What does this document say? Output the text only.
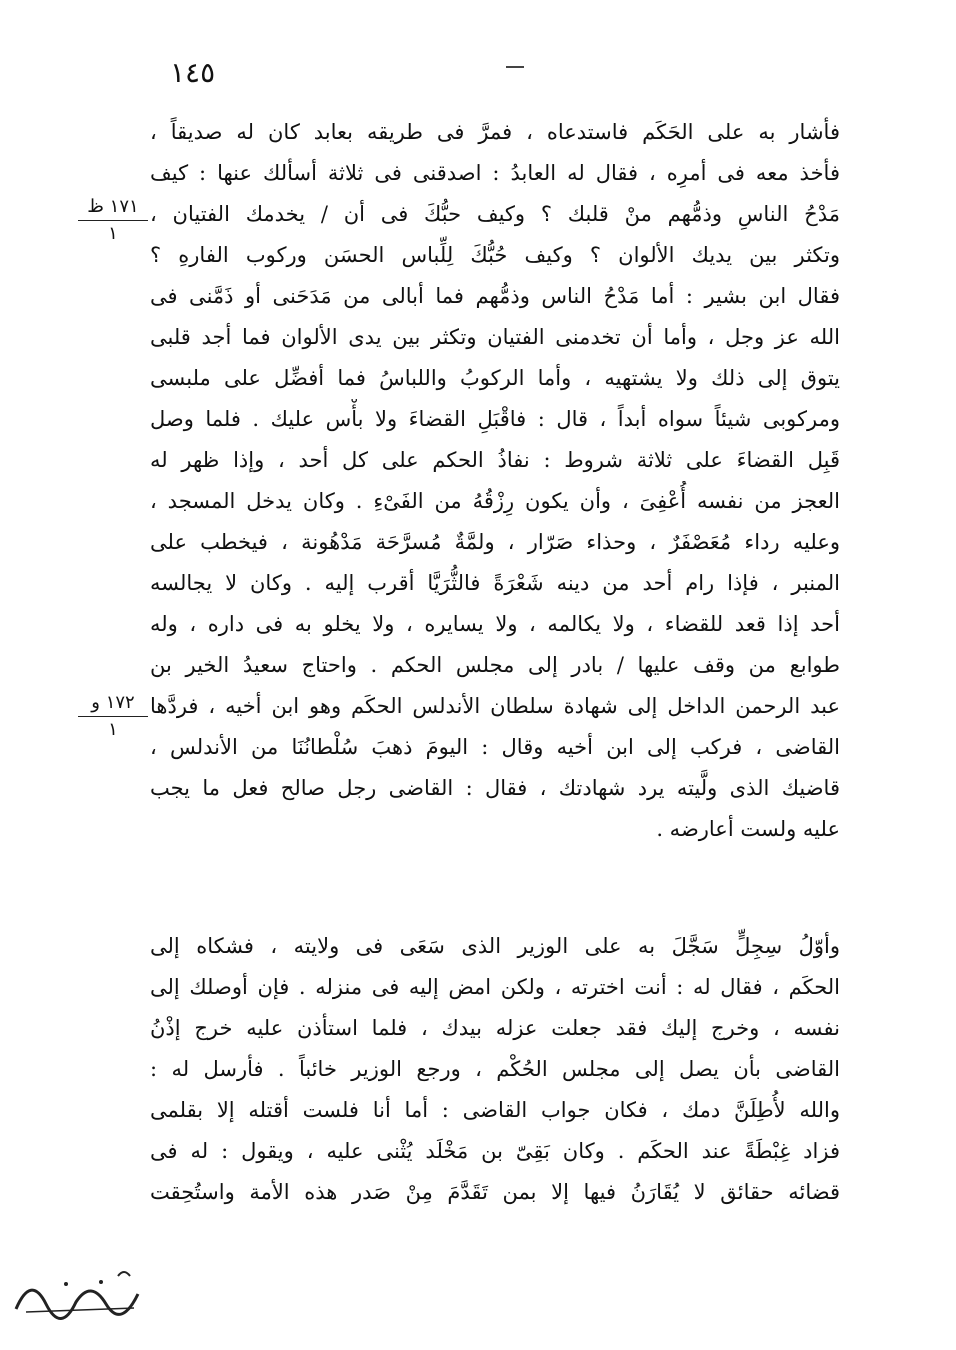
١٤٥
فأشار به على الحَكَم فاستدعاه ، فمرَّ فى طريقه بعابد كان له صديقاً ،
فأخذ معه فى أمرِه ، فقال له العابدُ : اصدقنى فى ثلاثة أسألك عنها : كيف
مَدْحُ الناسِ وذمُّهم منْ قلبك ؟ وكيف حبُّكَ فى أن / يخدمك الفتيان ،
وتكثر بين يديك الألوان ؟ وكيف حُبُّكَ لِلِّباس الحسَن وركوب الفارهِ ؟
فقال ابن بشير : أما مَدْحُ الناس وذمُّهم فما أبالى من مَدَحَنى أو ذَمَّنى فى
الله عز وجل ، وأما أن تخدمنى الفتيان وتكثر بين يدى الألوان فما أجد قلبى
يتوق إلى ذلك ولا يشتهيه ، وأما الركوبُ واللباسُ فما أفضِّل على ملبسى
ومركوبى شيئاً سواه أبداً ، قال : فاقْبَلِ القضاءَ ولا بأْس عليك . فلما وصل
قَبِل القضاءَ على ثلاثة شروط : نفاذُ الحكم على كل أحد ، وإذا ظهر له
العجز من نفسه أُعْفِىَ ، وأن يكون رِزْقُهُ من الفَىْءِ . وكان يدخل المسجد ،
وعليه رداء مُعَصْفَرٌ ، وحذاء صَرّار ، ولمَّةٌ مُسرَّحَة مَدْهُونة ، فيخطب على
المنبر ، فإذا رام أحد من دينه شَعْرَةً فالثُّرَيَّا أقرب إليه . وكان لا يجالسه
أحد إذا قعد للقضاء ، ولا يكالمه ، ولا يسايره ، ولا يخلو به فى داره ، وله
طوابع من وقف عليها / بادر إلى مجلس الحكم . واحتاج سعيدُ الخير بن
عبد الرحمن الداخل إلى شهادة سلطان الأندلس الحكَم وهو ابن أخيه ، فردَّها
القاضى ، فركب إلى ابن أخيه وقال : اليومَ ذهبَ سُلْطانُنَا من الأندلس ،
قاضيك الذى ولَّيته يرد شهادتك ، فقال : القاضى رجل صالح فعل ما يجب
عليه ولست أعارضه .
وأوّلُ سِجِلٍّ سَجَّلَ به على الوزير الذى سَعَى فى ولايته ، فشكاه إلى
الحكَم ، فقال له : أنت اخترته ، ولكن امض إليه فى منزله . فإن أوصلك إلى
نفسه ، وخرج إليك فقد جعلت عزله بيدك ، فلما استأذن عليه خرج إذْنُ
القاضى بأن يصل إلى مجلس الحُكْم ، ورجع الوزير خائباً . فأرسل له :
والله لأُطِلَنَّ دمك ، فكان جواب القاضى : أما أنا فلست أقتله إلا بقلمى
فزاد غِبْطَةً عند الحكَم . وكان بَقِىّ بن مَخْلَد يُثْنى عليه ، ويقول : له فى
قضائه حقائق لا يُقَارَنُ فيها إلا بمن تَقَدَّمَ مِنْ صَدر هذه الأمة واستُحِقت
١٧١ ظ
١
١٧٢ و
١
